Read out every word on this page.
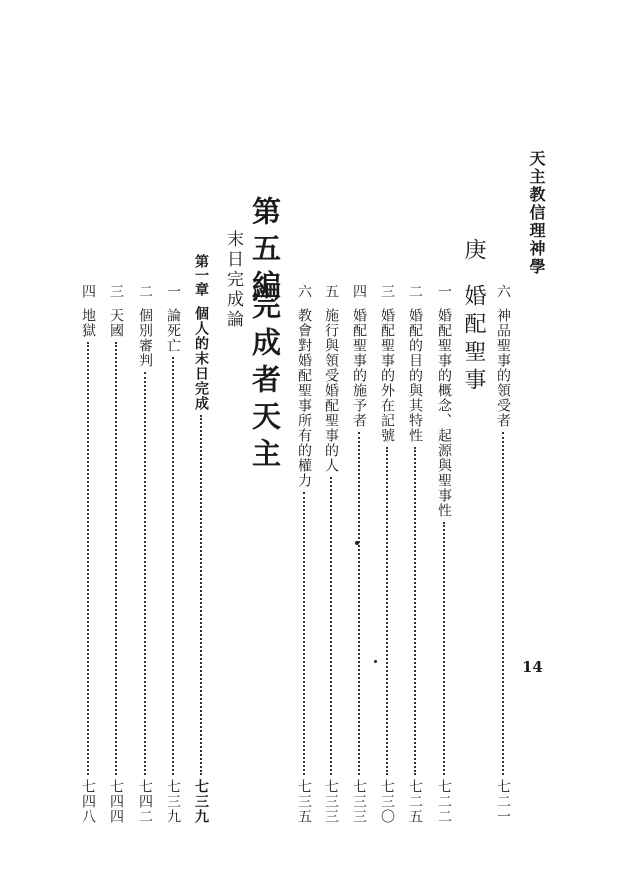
天主教信理神學
14
六
神品聖事的領受者
七二一
庚
婚配聖事
一
婚配聖事的概念、起源與聖事性
七二二
二
婚配的目的與其特性
七二五
三
婚配聖事的外在記號
七三〇
四
婚配聖事的施予者
七三三
五
施行與領受婚配聖事的人
七三三
六
教會對婚配聖事所有的權力
七三五
第五編
完成者天主
末日完成論
第一章
個人的末日完成
七三九
一
論死亡
七三九
二
個別審判
七四二
三
天國
七四四
四
地獄
七四八
